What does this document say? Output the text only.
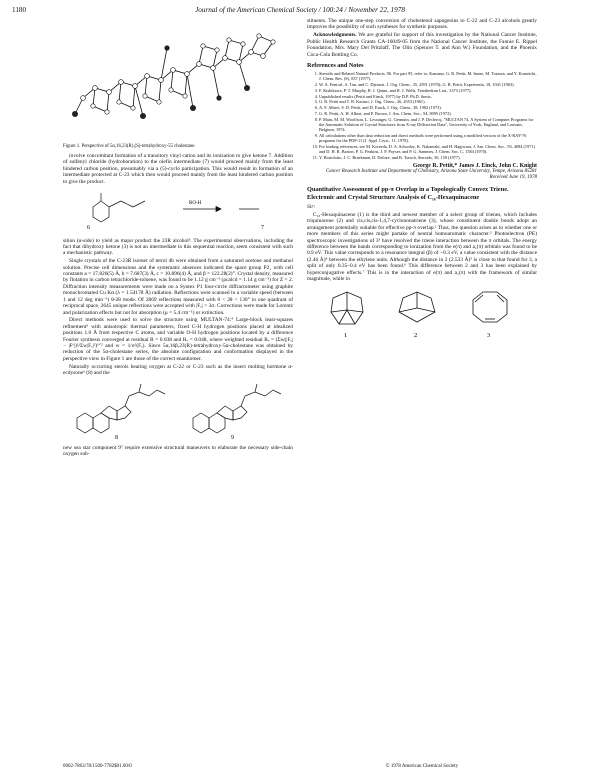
1180	Journal of the American Chemical Society / 100:24 / November 22, 1978
Figure 1. Perspective of 5α,16,23(R),(S)-tetrahydroxy-55 cholestane.

involve concomitant formation of a transitory vinyl cation and its ionization to give ketone 7. Addition of sulfenyl chloride (hydroboration) to the olefin intermediate (7) would proceed mainly from the least hindered carbon position, presumably via a (5)-cyclo participation. This would result in formation of an intermediate protected at C-23 which then would proceed mainly from the least hindered carbon position to give the product.

6	7
RO-H

sition (α-side) to yield as major product the 23R alcohol³. The experimental observations, including the fact that dihydroxy ketone (3) is not an intermediate in this sequential reaction, seem consistent with such a mechanistic pathway.

Single crystals of the C-23R isomer of tetrol 4b were obtained from a saturated acetone and methanol solution. Precise cell dimensions and the systematic absences indicated the space group P2₁ with cell constants a = 17.826(5) Å, b = 7.687(3) Å, c = 10.896(4) Å, and β = 122.28(2)°. Crystal density, measured by flotation in carbon tetrachloride-toluene, was found to be 1.12 g cm⁻³ (ρcalcd = 1.14 g cm⁻³) for Z = 2. Diffraction intensity measurements were made on a Syntex P1 four-circle diffractometer using graphite monochromated Cu Kα (λ = 1.54178 Å) radiation. Reflections were scanned in a variable speed (between 1 and 12 deg min⁻¹) θ-2θ mode. Of 2869 reflections measured with 0 < 2θ < 130° in one quadrant of reciprocal space, 2645 unique reflections were accepted with |Fₒ| > 3σ. Corrections were made for Lorentz and polarization effects but not for absorption (μ = 5.4 cm⁻¹) or extinction.

Direct methods were used to solve the structure using MULTAN-74.⁴ Large-block least-squares refinement⁵ with anisotropic thermal parameters, fixed C-H hydrogen positions placed at idealized positions 1.0 Å from respective C atoms, and variable O-H hydrogen positions located by a difference Fourier synthesis converged at residual R = 0.038 and Rᵥ = 0.048, where weighted residual Rᵥ = (Σw(|Fₒ| − |Fᶜ|)²/Σw|Fₒ|²)¹ᐟ² and w = 1/σ²(Fₒ). Since 5α,16β,23(R)-tetrahydroxy-5α-cholestane was obtained by reduction of the 5α-cholestane series, the absolute configuration and conformation displayed in the perspective view in Figure 1 are those of the correct enantiomer.

Naturally occurring sterols bearing oxygen at C-22 or C-23 such as the insect molting hormone α-ecdysone⁶ (8) and the

8	9

new sea star component 9⁷ require extensive structural maneuvers to elaborate the necessary side-chain oxygen sub-

stituents. The unique one-step conversion of cholestenol sapogenins to C-22 and C-23 alcohols greatly improves the possibility of such syntheses for synthetic purposes.

Acknowledgments. We are grateful for support of this investigation by the National Cancer Institute, Public Health Research Grants CA-16049-05 from the National Cancer Institute, the Fannie E. Rippel Foundation, Mrs. Mary Del Pritzlaff, The Olin (Spencer T. and Ann W.) Foundation, and the Phoenix Coca-Cola Bottling Co.

References and Notes
1. Steroids and Related Natural Products. 96. For part 95, refer to: Kamano, G. R. Pettit, M. Inoue, M. Tozawa, and Y. Komeichi, J. Chem. Res. (S), 837 (1977).
2. W. A. Fenical, A. Tan, and C. Djerassi, J. Org. Chem., 35, 2591 (1970); G. R. Pettit, Experientia, 18, 1041 (1963).
3. F. Kishikawa, P. T. Murphy, R. J. Quinn, and R. J. Wells, Tetrahedron Lett., 3373 (1977).
4. Unpublished results (Pettit and Einck, 1977) by D.P. Ph.D. thesis.
5. G. R. Pettit and T. R. Kasturi, J. Org. Chem., 26, 4553 (1961).
6. A. F. Albert, S. D. Pettit, and D. Einck, J. Org. Chem., 38, 1982 (1973).
7. G. R. Pettit, A. H. Albert, and P. Brown, J. Am. Chem. Soc., 94, 8095 (1972).
8. P. Main, M. M. Woolfson, L. Lessinger, G. Germain, and J. P. Declercq, "MULTAN 74. A System of Computer Programs for the Automatic Solution of Crystal Structures from X-ray Diffraction Data", University of York, England, and Louvain, Belgium, 1974.
9. All calculations other than data reduction and direct methods were performed using a modified version of the X-RAY-76 programs for the PDP-11 (J. Appl. Cryst., 11, 1978).
10. For leading references, see M. Koreeda, D. A. Schooley, K. Nakanishi, and H. Hagiwara, J. Am. Chem. Soc., 93, 4084 (1971) and D. H. R. Barton, P. G. Feakins, J. P. Poyser, and P. G. Sammes, J. Chem. Soc. C, 1584 (1970).
11. Y. Bortolotto, J. C. Braekman, D. Daloze, and B. Tursch, Steroids, 30, 159 (1977).
George R. Pettit,* James J. Einck, John C. Knight
Cancer Research Institute and Department of Chemistry, Arizona State University, Tempe, Arizona 85281
Received June 19, 1978
Quantitative Assessment of pp-π Overlap in a Topologically Convex Triene. Electronic and Crystal Structure Analysis of C₁₆-Hexaquinacene
Sir:

C₁₆-Hexaquinacene (1) is the third and newest member of a select group of trienes, which includes triquinacene (2) and cis,cis,cis-1,4,7-cyclononatriene (3), whose constituent double bonds adopt an arrangement potentially suitable for effective pp-π overlap.¹ Thus, the question arises as to whether one or more members of this series might partake of neutral homoaromatic character.² Photoelectron (PE) spectroscopic investigations of 3³ have resolved the triene interaction between the π orbitals. The energy difference between the bands corresponding to ionization from the e(π) and a₁(π) orbitals was found to be 0.9 eV. This value corresponds to a resonance integral (β) of −0.3 eV, a value consistent with the distance (2.46 Å)⁴ between the ethylene units. Although the distance in 2 (2.533 Å)⁵ is close to that found for 3, a split of only 0.35–0.4 eV has been found.⁶ This difference between 2 and 3 has been explained by hyperconjugative effects.⁷ This is in the interaction of e(π) and a₁(π) with the framework of similar magnitude, while in

1	2	3
0002-7863/78/1500-7782$01.00/0	© 1978 American Chemical Society
